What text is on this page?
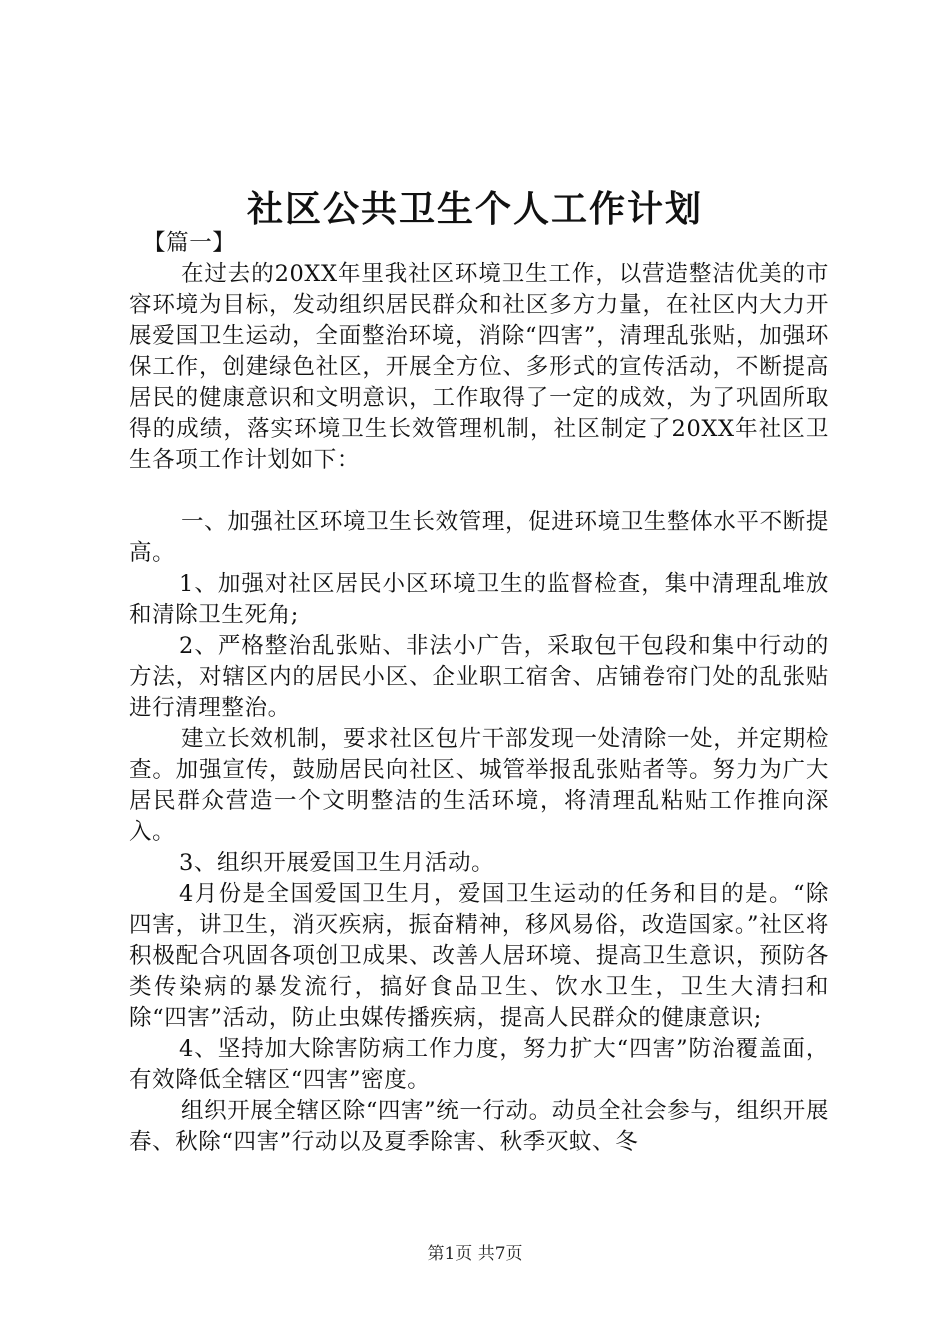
社区公共卫生个人工作计划

【篇一】

在过去的20XX年里我社区环境卫生工作，以营造整洁优美的市容环境为目标，发动组织居民群众和社区多方力量，在社区内大力开展爱国卫生运动，全面整治环境，消除“四害”，清理乱张贴，加强环保工作，创建绿色社区，开展全方位、多形式的宣传活动，不断提高居民的健康意识和文明意识，工作取得了一定的成效，为了巩固所取得的成绩，落实环境卫生长效管理机制，社区制定了20XX年社区卫生各项工作计划如下：

一、加强社区环境卫生长效管理，促进环境卫生整体水平不断提高。

1、加强对社区居民小区环境卫生的监督检查，集中清理乱堆放和清除卫生死角;

2、严格整治乱张贴、非法小广告，采取包干包段和集中行动的方法，对辖区内的居民小区、企业职工宿舍、店铺卷帘门处的乱张贴进行清理整治。

建立长效机制，要求社区包片干部发现一处清除一处，并定期检查。加强宣传，鼓励居民向社区、城管举报乱张贴者等。努力为广大居民群众营造一个文明整洁的生活环境，将清理乱粘贴工作推向深入。

3、组织开展爱国卫生月活动。

4月份是全国爱国卫生月，爱国卫生运动的任务和目的是。“除四害，讲卫生，消灭疾病，振奋精神，移风易俗，改造国家。”社区将积极配合巩固各项创卫成果、改善人居环境、提高卫生意识，预防各类传染病的暴发流行，搞好食品卫生、饮水卫生，卫生大清扫和除“四害”活动，防止虫媒传播疾病，提高人民群众的健康意识;

4、坚持加大除害防病工作力度，努力扩大“四害”防治覆盖面，有效降低全辖区“四害”密度。

组织开展全辖区除“四害”统一行动。动员全社会参与，组织开展春、秋除“四害”行动以及夏季除害、秋季灭蚊、冬

第1页 共7页
